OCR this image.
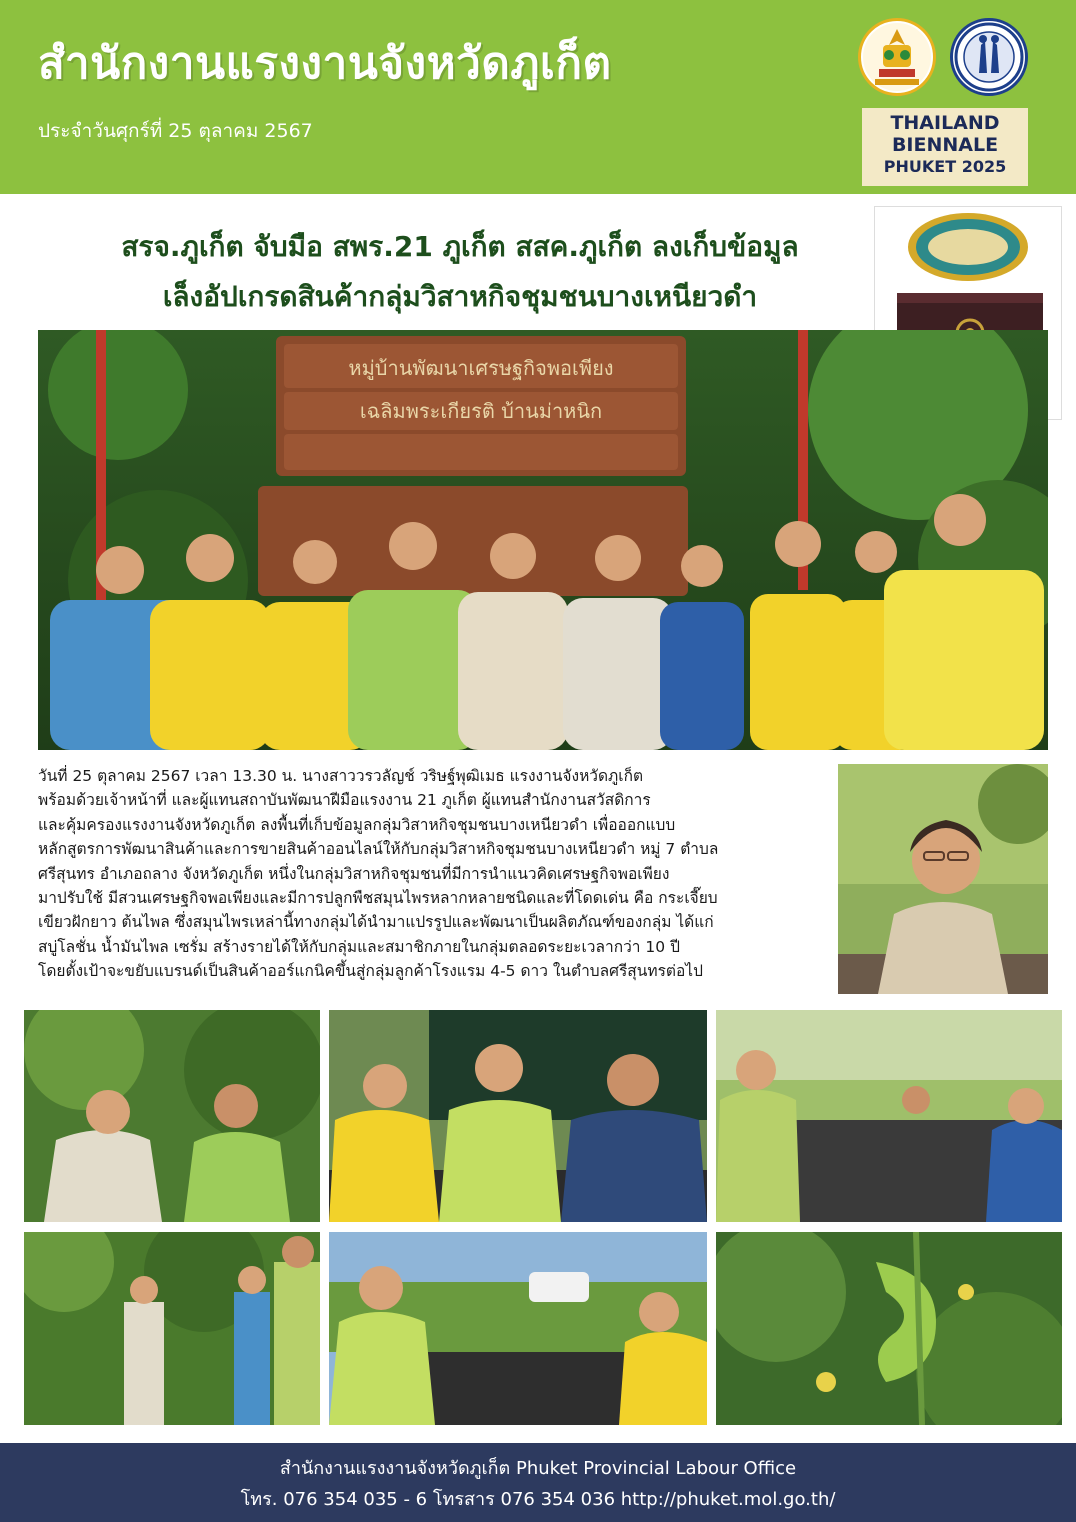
สำนักงานแรงงานจังหวัดภูเก็ต
ประจำวันศุกร์ที่ 25 ตุลาคม 2567	THAILAND
BIENNALE
PHUKET 2025
สรจ.ภูเก็ต จับมือ สพร.21 ภูเก็ต สสค.ภูเก็ต ลงเก็บข้อมูล
เล็งอัปเกรดสินค้ากลุ่มวิสาหกิจชุมชนบางเหนียวดำ
หมู่บ้านพัฒนาเศรษฐกิจพอเพียง
เฉลิมพระเกียรติ บ้านม่าหนิก
วันที่ 25 ตุลาคม 2567 เวลา 13.30 น. นางสาววรวลัญช์ วริษฐ์พุฒิเมธ แรงงานจังหวัดภูเก็ต
พร้อมด้วยเจ้าหน้าที่ และผู้แทนสถาบันพัฒนาฝีมือแรงงาน 21 ภูเก็ต ผู้แทนสำนักงานสวัสดิการ
และคุ้มครองแรงงานจังหวัดภูเก็ต ลงพื้นที่เก็บข้อมูลกลุ่มวิสาหกิจชุมชนบางเหนียวดำ เพื่อออกแบบ
หลักสูตรการพัฒนาสินค้าและการขายสินค้าออนไลน์ให้กับกลุ่มวิสาหกิจชุมชนบางเหนียวดำ หมู่ 7 ตำบล
ศรีสุนทร อำเภอถลาง จังหวัดภูเก็ต หนึ่งในกลุ่มวิสาหกิจชุมชนที่มีการนำแนวคิดเศรษฐกิจพอเพียง
มาปรับใช้ มีสวนเศรษฐกิจพอเพียงและมีการปลูกพืชสมุนไพรหลากหลายชนิดและที่โดดเด่น คือ กระเจี๊ยบ
เขียวฝักยาว ต้นไพล ซึ่งสมุนไพรเหล่านี้ทางกลุ่มได้นำมาแปรรูปและพัฒนาเป็นผลิตภัณฑ์ของกลุ่ม ได้แก่
สบู่โลชั่น น้ำมันไพล เซรั่ม สร้างรายได้ให้กับกลุ่มและสมาชิกภายในกลุ่มตลอดระยะเวลากว่า 10 ปี
โดยตั้งเป้าจะขยับแบรนด์เป็นสินค้าออร์แกนิคขึ้นสู่กลุ่มลูกค้าโรงแรม 4-5 ดาว ในตำบลศรีสุนทรต่อไป
สำนักงานแรงงานจังหวัดภูเก็ต Phuket Provincial Labour Office
โทร. 076 354 035 - 6 โทรสาร 076 354 036 http://phuket.mol.go.th/
